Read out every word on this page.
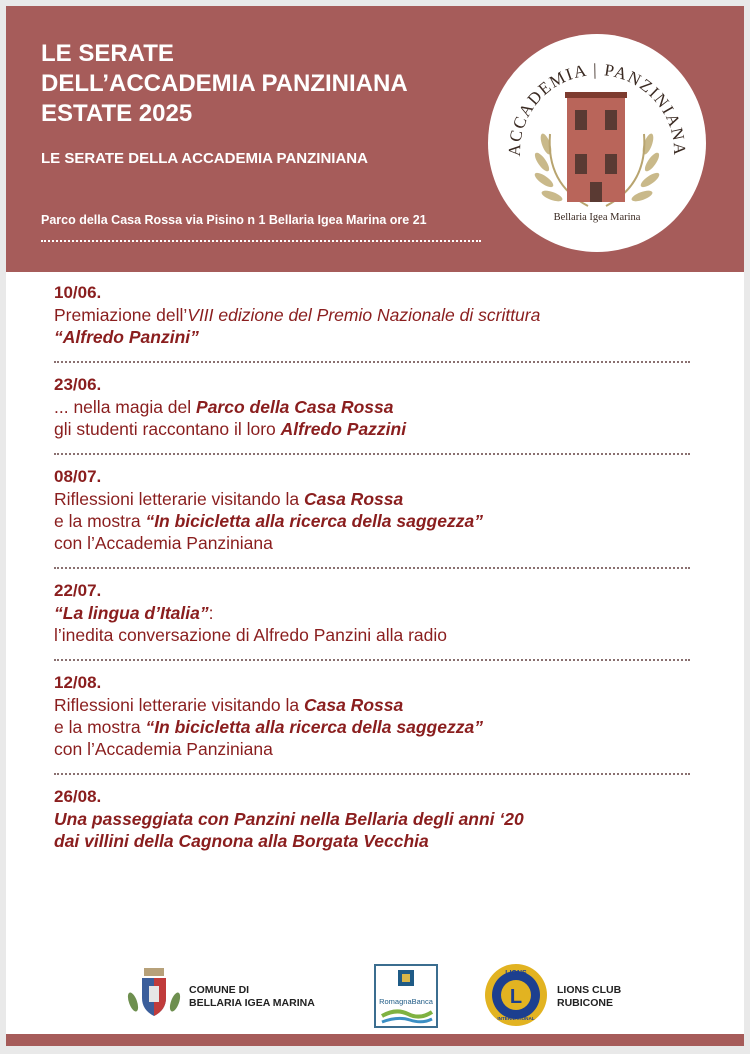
LE SERATE
DELL’ACCADEMIA PANZINIANA
ESTATE 2025
LE SERATE DELLA ACCADEMIA PANZINIANA
Parco della Casa Rossa via Pisino n 1 Bellaria Igea Marina ore 21
ACCADEMIA | PANZINIANA
Bellaria Igea Marina
10/06.
Premiazione dell’VIII edizione del Premio Nazionale di scrittura
“Alfredo Panzini”
23/06.
... nella magia del Parco della Casa Rossa
gli studenti raccontano il loro Alfredo Pazzini
08/07.
Riflessioni letterarie visitando la Casa Rossa
e la mostra “In bicicletta alla ricerca della saggezza”
con l’Accademia Panziniana
22/07.
“La lingua d’Italia”:
l’inedita conversazione di Alfredo Panzini alla radio
12/08.
Riflessioni letterarie visitando la Casa Rossa
e la mostra “In bicicletta alla ricerca della saggezza”
con l’Accademia Panziniana
26/08.
Una passeggiata con Panzini nella Bellaria degli anni ‘20
dai villini della Cagnona alla Borgata Vecchia
COMUNE DI
BELLARIA IGEA MARINA	RomagnaBanca	L
LIONS
INTERNATIONAL
LIONS CLUB
RUBICONE
